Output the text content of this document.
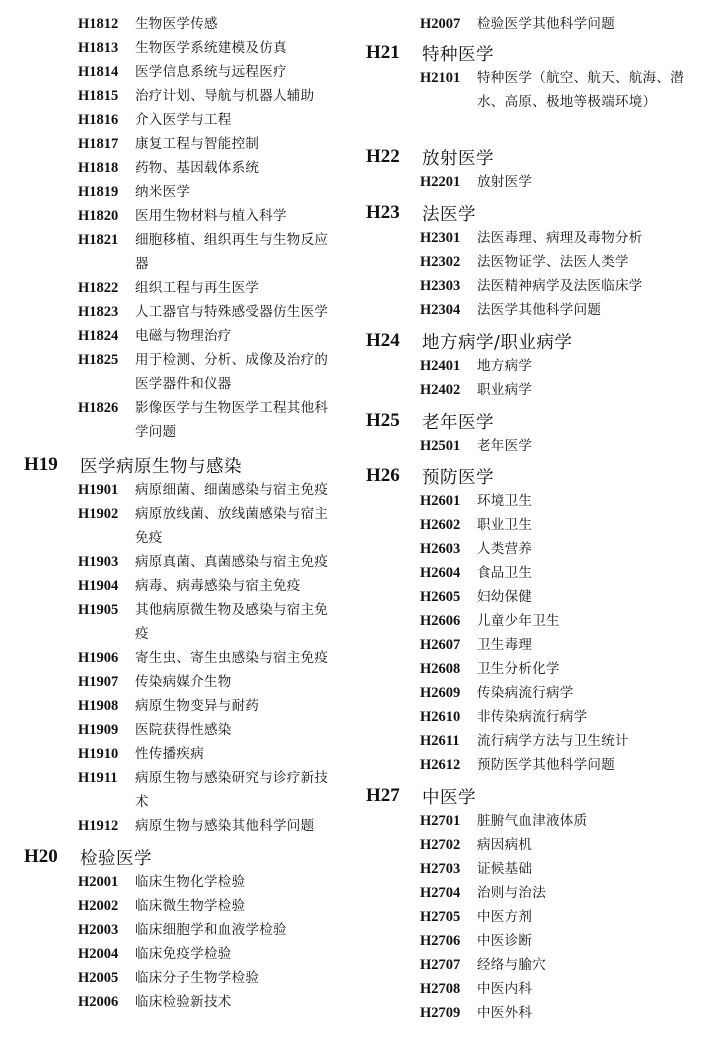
H1812	生物医学传感
H1813	生物医学系统建模及仿真
H1814	医学信息系统与远程医疗
H1815	治疗计划、导航与机器人辅助
H1816	介入医学与工程
H1817	康复工程与智能控制
H1818	药物、基因载体系统
H1819	纳米医学
H1820	医用生物材料与植入科学
H1821	细胞移植、组织再生与生物反应器
H1822	组织工程与再生医学
H1823	人工器官与特殊感受器仿生医学
H1824	电磁与物理治疗
H1825	用于检测、分析、成像及治疗的医学器件和仪器
H1826	影像医学与生物医学工程其他科学问题
H19	医学病原生物与感染
H1901	病原细菌、细菌感染与宿主免疫
H1902	病原放线菌、放线菌感染与宿主免疫
H1903	病原真菌、真菌感染与宿主免疫
H1904	病毒、病毒感染与宿主免疫
H1905	其他病原微生物及感染与宿主免疫
H1906	寄生虫、寄生虫感染与宿主免疫
H1907	传染病媒介生物
H1908	病原生物变异与耐药
H1909	医院获得性感染
H1910	性传播疾病
H1911	病原生物与感染研究与诊疗新技术
H1912	病原生物与感染其他科学问题
H20	检验医学
H2001	临床生物化学检验
H2002	临床微生物学检验
H2003	临床细胞学和血液学检验
H2004	临床免疫学检验
H2005	临床分子生物学检验
H2006	临床检验新技术
H2007	检验医学其他科学问题
H21	特种医学
H2101	特种医学（航空、航天、航海、潜水、高原、极地等极端环境）
H22	放射医学
H2201	放射医学
H23	法医学
H2301	法医毒理、病理及毒物分析
H2302	法医物证学、法医人类学
H2303	法医精神病学及法医临床学
H2304	法医学其他科学问题
H24	地方病学/职业病学
H2401	地方病学
H2402	职业病学
H25	老年医学
H2501	老年医学
H26	预防医学
H2601	环境卫生
H2602	职业卫生
H2603	人类营养
H2604	食品卫生
H2605	妇幼保健
H2606	儿童少年卫生
H2607	卫生毒理
H2608	卫生分析化学
H2609	传染病流行病学
H2610	非传染病流行病学
H2611	流行病学方法与卫生统计
H2612	预防医学其他科学问题
H27	中医学
H2701	脏腑气血津液体质
H2702	病因病机
H2703	证候基础
H2704	治则与治法
H2705	中医方剂
H2706	中医诊断
H2707	经络与腧穴
H2708	中医内科
H2709	中医外科
